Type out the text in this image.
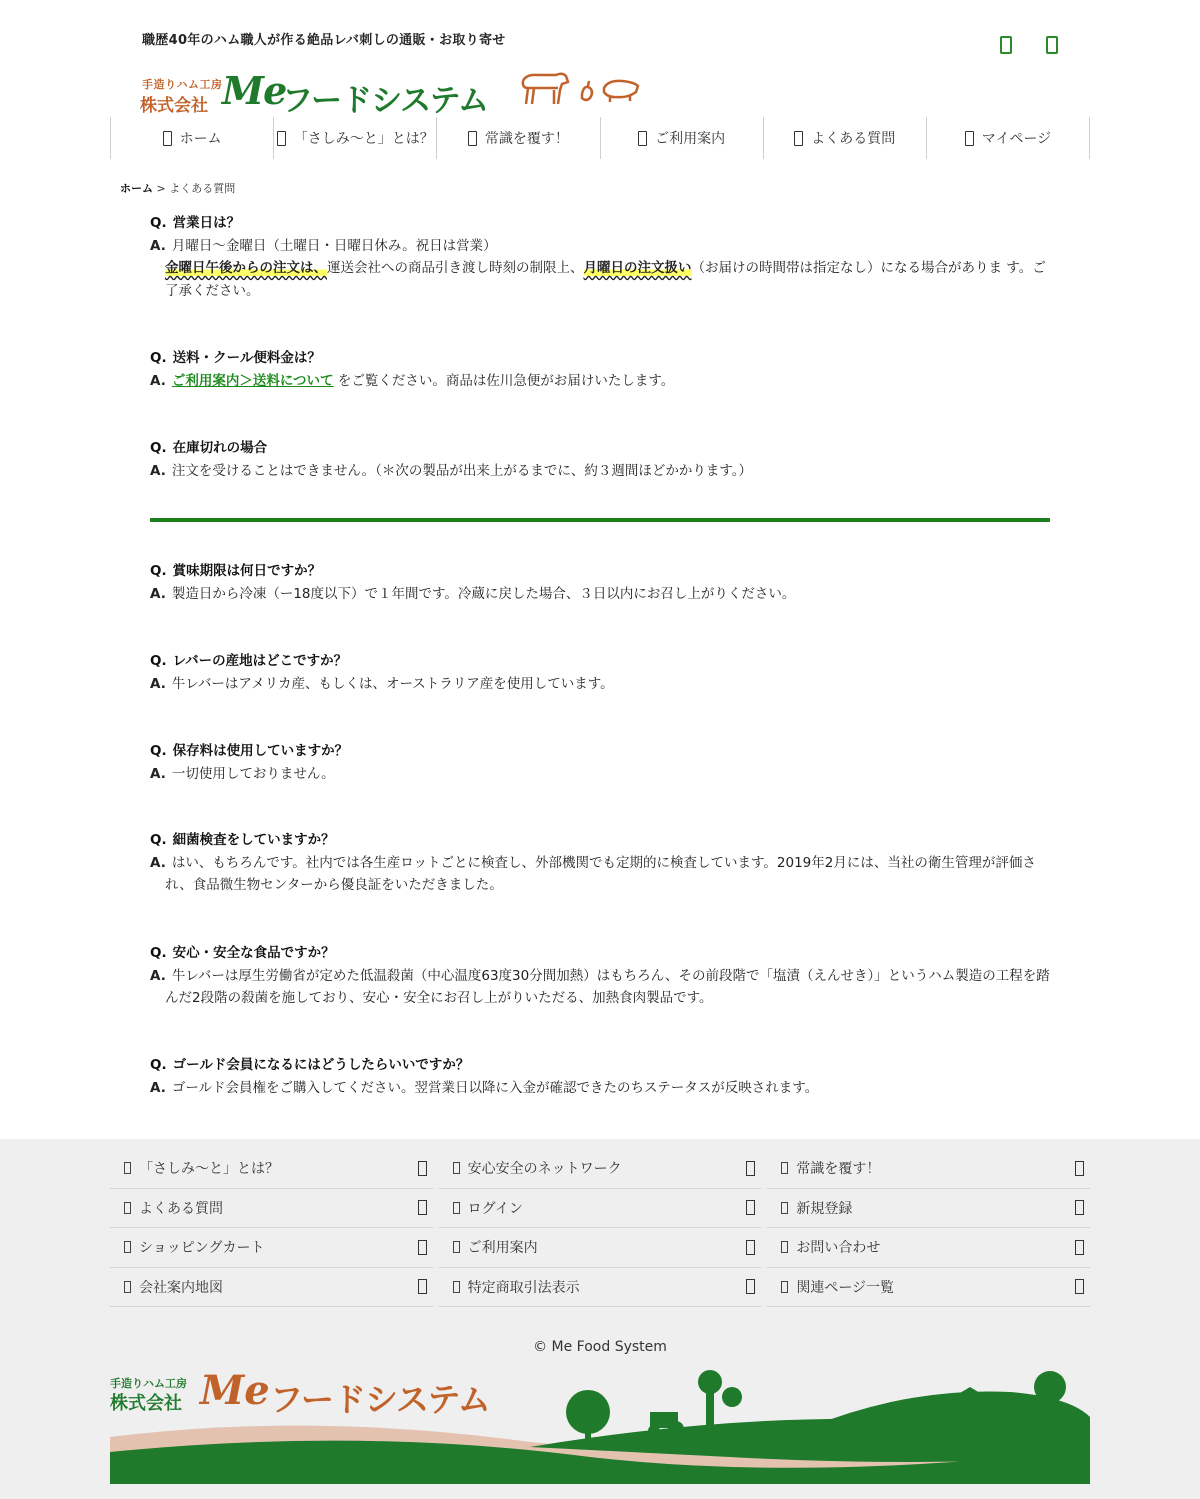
職歴40年のハム職人が作る絶品レバ刺しの通販・お取り寄せ
手造りハム工房
株式会社 Me
フードシステム
ホーム	「さしみ〜と」とは？	常識を覆す！	ご利用案内	よくある質問	マイページ
ホーム > よくある質問
Q. 営業日は？
A. 月曜日〜金曜日（土曜日・日曜日休み。祝日は営業）
金曜日午後からの注文は、運送会社への商品引き渡し時刻の制限上、月曜日の注文扱い（お届けの時間帯は指定なし）になる場合がありま す。ご了承ください。
Q. 送料・クール便料金は？
A. ご利用案内＞送料について をご覧ください。商品は佐川急便がお届けいたします。
Q. 在庫切れの場合
A. 注文を受けることはできません。（＊次の製品が出来上がるまでに、約３週間ほどかかります。）
Q. 賞味期限は何日ですか？
A. 製造日から冷凍（ー18度以下）で１年間です。冷蔵に戻した場合、３日以内にお召し上がりください。
Q. レバーの産地はどこですか？
A. 牛レバーはアメリカ産、もしくは、オーストラリア産を使用しています。
Q. 保存料は使用していますか？
A. 一切使用しておりません。
Q. 細菌検査をしていますか？
A. はい、もちろんです。社内では各生産ロットごとに検査し、外部機関でも定期的に検査しています。2019年2月には、当社の衛生管理が評価され、食品微生物センターから優良証をいただきました。
Q. 安心・安全な食品ですか？
A. 牛レバーは厚生労働省が定めた低温殺菌（中心温度63度30分間加熱）はもちろん、その前段階で「塩漬（えんせき）」というハム製造の工程を踏んだ2段階の殺菌を施しており、安心・安全にお召し上がりいただる、加熱食肉製品です。
Q. ゴールド会員になるにはどうしたらいいですか？
A. ゴールド会員権をご購入してください。翌営業日以降に入金が確認できたのちステータスが反映されます。
「さしみ〜と」とは？	安心安全のネットワーク	常識を覆す！
よくある質問	ログイン	新規登録
ショッピングカート	ご利用案内	お問い合わせ
会社案内地図	特定商取引法表示	関連ページ一覧
© Me Food System
手造りハム工房
株式会社 Me フードシステム
